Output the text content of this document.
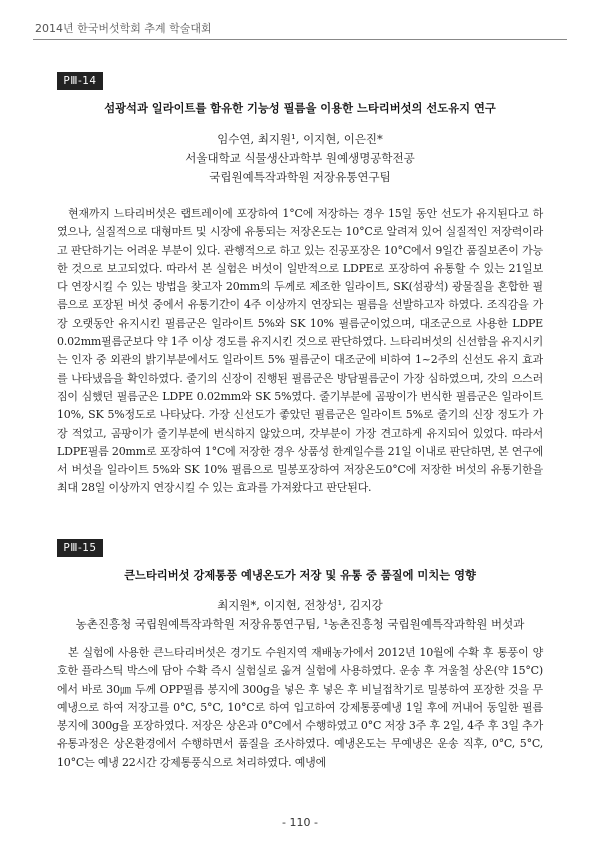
2014년 한국버섯학회 추계 학술대회
PⅢ-14
섬광석과 일라이트를 함유한 기능성 필름을 이용한 느타리버섯의 선도유지 연구
임수연, 최지원¹, 이지현, 이은진*
서울대학교 식물생산과학부 원예생명공학전공
국립원예특작과학원 저장유통연구팀
현재까지 느타리버섯은 랩트레이에 포장하여 1°C에 저장하는 경우 15일 동안 선도가 유지된다고 하였으나, 실질적으로 대형마트 및 시장에 유통되는 저장온도는 10°C로 알려져 있어 실질적인 저장력이라고 판단하기는 어려운 부분이 있다. 관행적으로 하고 있는 진공포장은 10°C에서 9일간 품질보존이 가능한 것으로 보고되었다. 따라서 본 실험은 버섯이 일반적으로 LDPE로 포장하여 유통할 수 있는 21일보다 연장시킬 수 있는 방법을 찾고자 20mm의 두께로 제조한 일라이트, SK(섬광석) 광물질을 혼합한 필름으로 포장된 버섯 중에서 유통기간이 4주 이상까지 연장되는 필름을 선발하고자 하였다. 조직감을 가장 오랫동안 유지시킨 필름군은 일라이트 5%와 SK 10% 필름군이었으며, 대조군으로 사용한 LDPE 0.02mm필름군보다 약 1주 이상 경도를 유지시킨 것으로 판단하였다. 느타리버섯의 신선함을 유지시키는 인자 중 외관의 밝기부분에서도 일라이트 5% 필름군이 대조군에 비하여 1~2주의 신선도 유지 효과를 나타냈음을 확인하였다. 줄기의 신장이 진행된 필름군은 방담필름군이 가장 심하였으며, 갓의 으스러짐이 심했던 필름군은 LDPE 0.02mm와 SK 5%였다. 줄기부분에 곰팡이가 번식한 필름군은 일라이트 10%, SK 5%정도로 나타났다. 가장 신선도가 좋았던 필름군은 일라이트 5%로 줄기의 신장 정도가 가장 적었고, 곰팡이가 줄기부분에 번식하지 않았으며, 갓부분이 가장 견고하게 유지되어 있었다. 따라서 LDPE필름 20mm로 포장하여 1°C에 저장한 경우 상품성 한계일수를 21일 이내로 판단하면, 본 연구에서 버섯을 일라이트 5%와 SK 10% 필름으로 밀봉포장하여 저장온도0°C에 저장한 버섯의 유통기한을 최대 28일 이상까지 연장시킬 수 있는 효과를 가져왔다고 판단된다.
PⅢ-15
큰느타리버섯 강제통풍 예냉온도가 저장 및 유통 중 품질에 미치는 영향
최지원*, 이지현, 전창성¹, 김지강
농촌진흥청 국립원예특작과학원 저장유통연구팀, ¹농촌진흥청 국립원예특작과학원 버섯과
본 실험에 사용한 큰느타리버섯은 경기도 수원지역 재배농가에서 2012년 10월에 수확 후 통풍이 양호한 플라스틱 박스에 담아 수확 즉시 실험실로 옮겨 실험에 사용하였다. 운송 후 겨울철 상온(약 15°C)에서 바로 30㎛ 두께 OPP필름 봉지에 300g을 넣은 후 넣은 후 비닐접착기로 밀봉하여 포장한 것을 무예냉으로 하여 저장고를 0°C, 5°C, 10°C로 하여 입고하여 강제통풍예냉 1일 후에 꺼내어 동일한 필름봉지에 300g을 포장하였다. 저장은 상온과 0°C에서 수행하였고 0°C 저장 3주 후 2일, 4주 후 3일 추가 유통과정은 상온환경에서 수행하면서 품질을 조사하였다. 예냉온도는 무예냉은 운송 직후, 0°C, 5°C, 10°C는 예냉 22시간 강제통풍식으로 처리하였다. 예냉에
- 110 -
